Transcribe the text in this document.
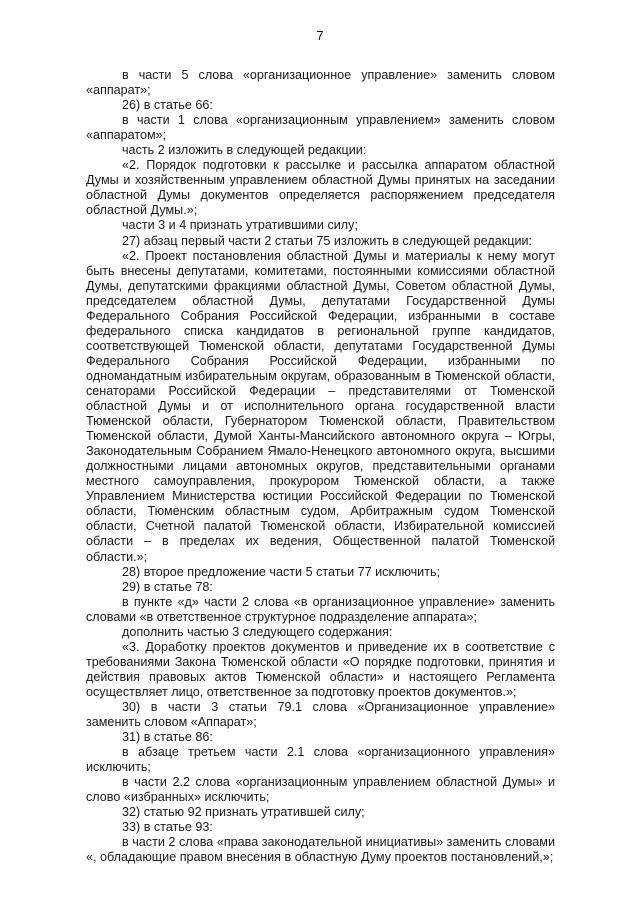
7

в части 5 слова «организационное управление» заменить словом «аппарат»;

26) в статье 66:

в части 1 слова «организационным управлением» заменить словом «аппаратом»;

часть 2 изложить в следующей редакции:

«2. Порядок подготовки к рассылке и рассылка аппаратом областной Думы и хозяйственным управлением областной Думы принятых на заседании областной Думы документов определяется распоряжением председателя областной Думы.»;

части 3 и 4 признать утратившими силу;

27) абзац первый части 2 статьи 75 изложить в следующей редакции:

«2. Проект постановления областной Думы и материалы к нему могут быть внесены депутатами, комитетами, постоянными комиссиями областной Думы, депутатскими фракциями областной Думы, Советом областной Думы, председателем областной Думы, депутатами Государственной Думы Федерального Собрания Российской Федерации, избранными в составе федерального списка кандидатов в региональной группе кандидатов, соответствующей Тюменской области, депутатами Государственной Думы Федерального Собрания Российской Федерации, избранными по одномандатным избирательным округам, образованным в Тюменской области, сенаторами Российской Федерации – представителями от Тюменской областной Думы и от исполнительного органа государственной власти Тюменской области, Губернатором Тюменской области, Правительством Тюменской области, Думой Ханты-Мансийского автономного округа – Югры, Законодательным Собранием Ямало-Ненецкого автономного округа, высшими должностными лицами автономных округов, представительными органами местного самоуправления, прокурором Тюменской области, а также Управлением Министерства юстиции Российской Федерации по Тюменской области, Тюменским областным судом, Арбитражным судом Тюменской области, Счетной палатой Тюменской области, Избирательной комиссией области – в пределах их ведения, Общественной палатой Тюменской области.»;

28) второе предложение части 5 статьи 77 исключить;

29) в статье 78:

в пункте «д» части 2 слова «в организационное управление» заменить словами «в ответственное структурное подразделение аппарата»;

дополнить частью 3 следующего содержания:

«3. Доработку проектов документов и приведение их в соответствие с требованиями Закона Тюменской области «О порядке подготовки, принятия и действия правовых актов Тюменской области» и настоящего Регламента осуществляет лицо, ответственное за подготовку проектов документов.»;

30) в части 3 статьи 79.1 слова «Организационное управление» заменить словом «Аппарат»;

31) в статье 86:

в абзаце третьем части 2.1 слова «организационного управления» исключить;

в части 2.2 слова «организационным управлением областной Думы» и слово «избранных» исключить;

32) статью 92 признать утратившей силу;

33) в статье 93:

в части 2 слова «права законодательной инициативы» заменить словами «, обладающие правом внесения в областную Думу проектов постановлений,»;
